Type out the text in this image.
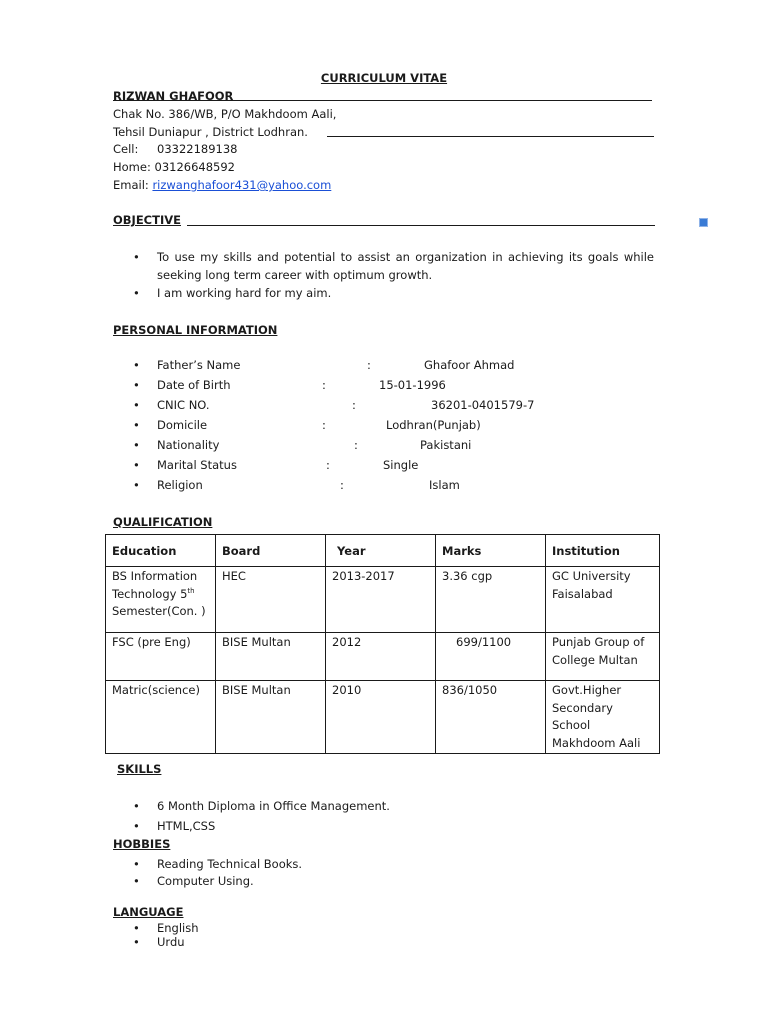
CURRICULUM VITAE
RIZWAN GHAFOOR
Chak No. 386/WB, P/O Makhdoom Aali,
Tehsil Duniapur , District Lodhran.
Cell: 03322189138
Home: 03126648592
Email: rizwanghafoor431@yahoo.com
OBJECTIVE
• To use my skills and potential to assist an organization in achieving its goals while seeking long term career with optimum growth.
• I am working hard for my aim.
PERSONAL INFORMATION
• Father’s Name	:	Ghafoor Ahmad
• Date of Birth	:	15-01-1996
• CNIC NO.	:	36201-0401579-7
• Domicile	:	Lodhran(Punjab)
• Nationality	:	Pakistani
• Marital Status	:	Single
• Religion	:	Islam
QUALIFICATION
Education	Board	Year	Marks	Institution
BS Information Technology 5th Semester(Con. )	HEC	2013-2017	3.36 cgp	GC University Faisalabad
FSC (pre Eng)	BISE Multan	2012	699/1100	Punjab Group of College Multan
Matric(science)	BISE Multan	2010	836/1050	Govt.Higher Secondary School Makhdoom Aali
SKILLS
• 6 Month Diploma in Office Management.
• HTML,CSS
HOBBIES
• Reading Technical Books.
• Computer Using.
LANGUAGE
• English
• Urdu
